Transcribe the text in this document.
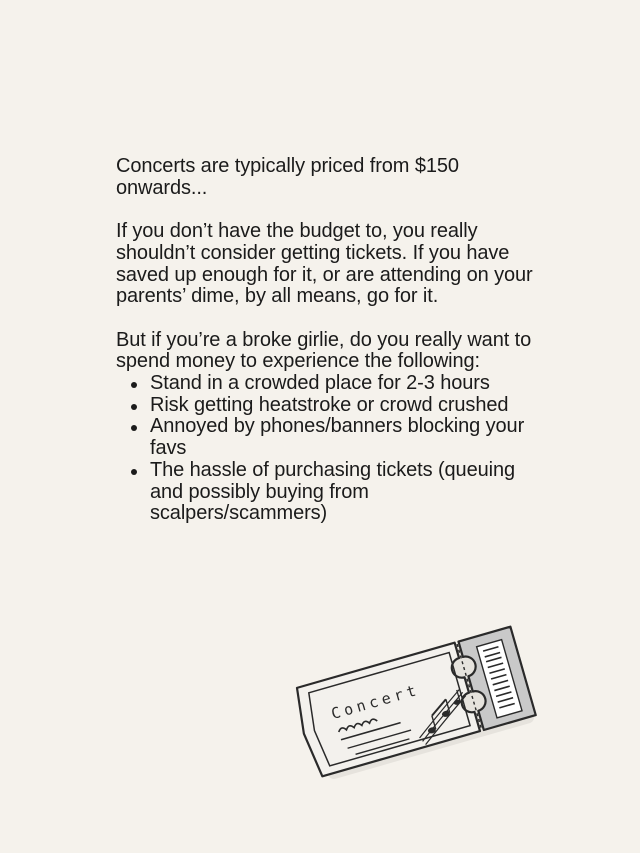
Concerts are typically priced from $150 onwards...

If you don’t have the budget to, you really shouldn’t consider getting tickets. If you have saved up enough for it, or are attending on your parents’ dime, by all means, go for it.

But if you’re a broke girlie, do you really want to spend money to experience the following:

Stand in a crowded place for 2-3 hours
Risk getting heatstroke or crowd crushed
Annoyed by phones/banners blocking your favs
The hassle of purchasing tickets (queuing and possibly buying from scalpers/scammers)
Concert
